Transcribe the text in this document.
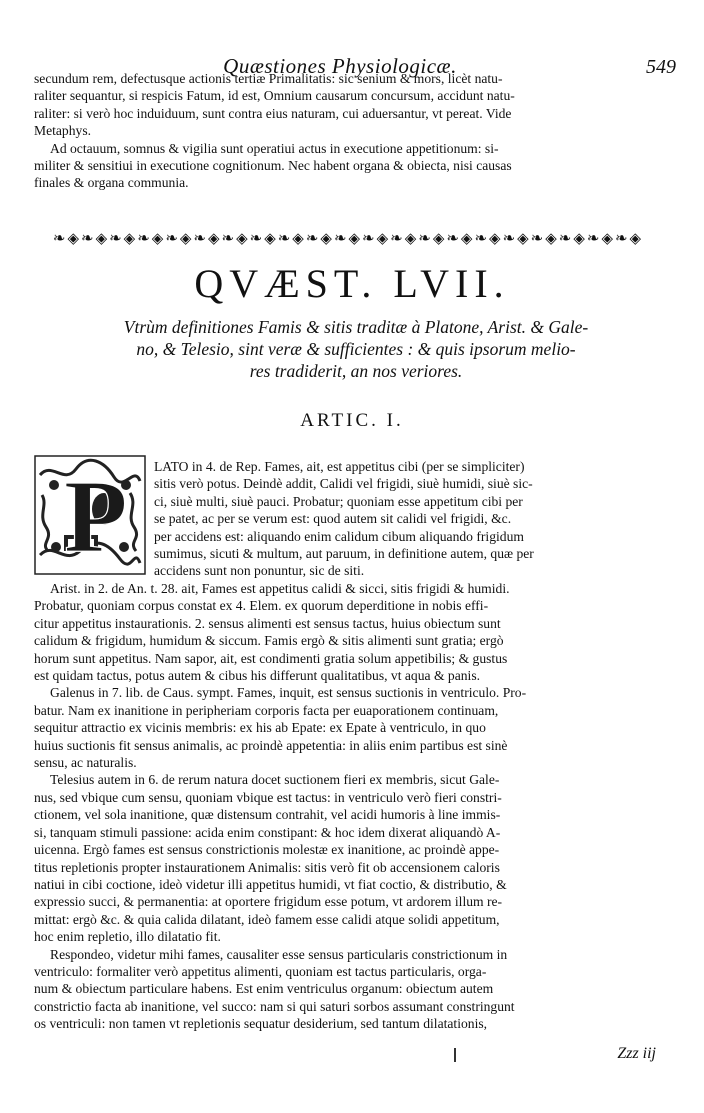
Quæstiones Physiologicæ.	549
secundum rem, defectusque actionis tertiæ Primalitatis: sic senium & mors, licèt natu-
raliter sequantur, si respicis Fatum, id est, Omnium causarum concursum, accidunt natu-
raliter: si verò hoc induiduum, sunt contra eius naturam, cui aduersantur, vt pereat. Vide
Metaphys.
Ad octauum, somnus & vigilia sunt operatiui actus in executione appetitionum: si-
militer & sensitiui in executione cognitionum. Nec habent organa & obiecta, nisi causas
finales & organa communia.
❧◈❧◈❧◈❧◈❧◈❧◈❧◈❧◈❧◈❧◈❧◈❧◈❧◈❧◈❧◈❧◈❧◈❧◈❧◈❧◈❧◈
QVÆST. LVII.
Vtrùm definitiones Famis & sitis traditæ à Platone, Arist. & Gale-
no, & Telesio, sint veræ & sufficientes : & quis ipsorum melio-
res tradiderit, an nos veriores.
ARTIC. I.
P LATO in 4. de Rep. Fames, ait, est appetitus cibi (per se simpliciter)
sitis verò potus. Deindè addit, Calidi vel frigidi, siuè humidi, siuè sic-
ci, siuè multi, siuè pauci. Probatur; quoniam esse appetitum cibi per
se patet, ac per se verum est: quod autem sit calidi vel frigidi, &c.
per accidens est: aliquando enim calidum cibum aliquando frigidum
sumimus, sicuti & multum, aut paruum, in definitione autem, quæ per
accidens sunt non ponuntur, sic de siti.
Arist. in 2. de An. t. 28. ait, Fames est appetitus calidi & sicci, sitis frigidi & humidi.
Probatur, quoniam corpus constat ex 4. Elem. ex quorum deperditione in nobis effi-
citur appetitus instaurationis. 2. sensus alimenti est sensus tactus, huius obiectum sunt
calidum & frigidum, humidum & siccum. Famis ergò & sitis alimenti sunt gratia; ergò
horum sunt appetitus. Nam sapor, ait, est condimenti gratia solum appetibilis; & gustus
est quidam tactus, potus autem & cibus his differunt qualitatibus, vt aqua & panis.
Galenus in 7. lib. de Caus. sympt. Fames, inquit, est sensus suctionis in ventriculo. Pro-
batur. Nam ex inanitione in peripheriam corporis facta per euaporationem continuam,
sequitur attractio ex vicinis membris: ex his ab Epate: ex Epate à ventriculo, in quo
huius suctionis fit sensus animalis, ac proindè appetentia: in aliis enim partibus est sinè
sensu, ac naturalis.
Telesius autem in 6. de rerum natura docet suctionem fieri ex membris, sicut Gale-
nus, sed vbique cum sensu, quoniam vbique est tactus: in ventriculo verò fieri constri-
ctionem, vel sola inanitione, quæ distensum contrahit, vel acidi humoris à line immis-
si, tanquam stimuli passione: acida enim constipant: & hoc idem dixerat aliquandò A-
uicenna. Ergò fames est sensus constrictionis molestæ ex inanitione, ac proindè appe-
titus repletionis propter instaurationem Animalis: sitis verò fit ob accensionem caloris
natiui in cibi coctione, ideò videtur illi appetitus humidi, vt fiat coctio, & distributio, &
expressio succi, & permanentia: at oportere frigidum esse potum, vt ardorem illum re-
mittat: ergò &c. & quia calida dilatant, ideò famem esse calidi atque solidi appetitum,
hoc enim repletio, illo dilatatio fit.
Respondeo, videtur mihi fames, causaliter esse sensus particularis constrictionum in
ventriculo: formaliter verò appetitus alimenti, quoniam est tactus particularis, orga-
num & obiectum particulare habens. Est enim ventriculus organum: obiectum autem
constrictio facta ab inanitione, vel succo: nam si qui saturi sorbos assumant constringunt
os ventriculi: non tamen vt repletionis sequatur desiderium, sed tantum dilatationis,
Zzz iij
